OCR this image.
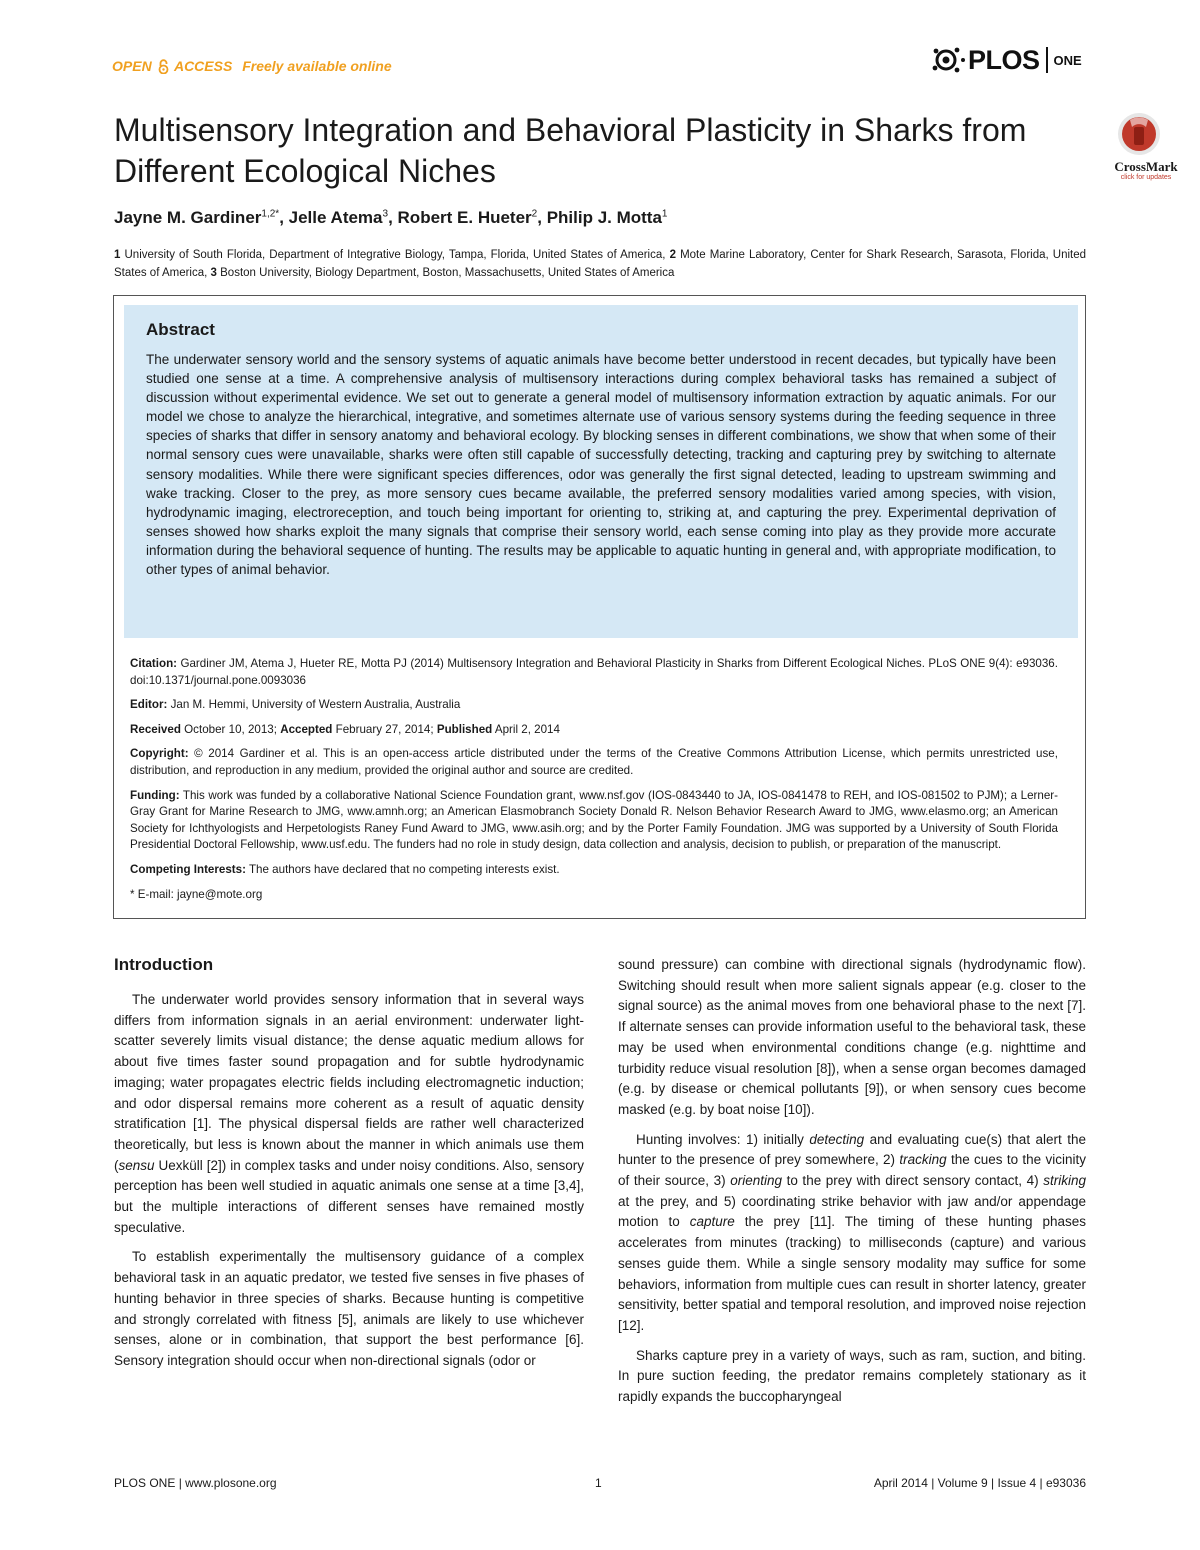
OPEN ACCESS Freely available online	PLOS ONE
CrossMark
click for updates
Multisensory Integration and Behavioral Plasticity in Sharks from Different Ecological Niches
Jayne M. Gardiner$^{1,2*}$, Jelle Atema$^3$, Robert E. Hueter$^2$, Philip J. Motta$^1$
1 University of South Florida, Department of Integrative Biology, Tampa, Florida, United States of America, 2 Mote Marine Laboratory, Center for Shark Research, Sarasota, Florida, United States of America, 3 Boston University, Biology Department, Boston, Massachusetts, United States of America
Abstract
The underwater sensory world and the sensory systems of aquatic animals have become better understood in recent decades, but typically have been studied one sense at a time. A comprehensive analysis of multisensory interactions during complex behavioral tasks has remained a subject of discussion without experimental evidence. We set out to generate a general model of multisensory information extraction by aquatic animals. For our model we chose to analyze the hierarchical, integrative, and sometimes alternate use of various sensory systems during the feeding sequence in three species of sharks that differ in sensory anatomy and behavioral ecology. By blocking senses in different combinations, we show that when some of their normal sensory cues were unavailable, sharks were often still capable of successfully detecting, tracking and capturing prey by switching to alternate sensory modalities. While there were significant species differences, odor was generally the first signal detected, leading to upstream swimming and wake tracking. Closer to the prey, as more sensory cues became available, the preferred sensory modalities varied among species, with vision, hydrodynamic imaging, electroreception, and touch being important for orienting to, striking at, and capturing the prey. Experimental deprivation of senses showed how sharks exploit the many signals that comprise their sensory world, each sense coming into play as they provide more accurate information during the behavioral sequence of hunting. The results may be applicable to aquatic hunting in general and, with appropriate modification, to other types of animal behavior.

Citation: Gardiner JM, Atema J, Hueter RE, Motta PJ (2014) Multisensory Integration and Behavioral Plasticity in Sharks from Different Ecological Niches. PLoS ONE 9(4): e93036. doi:10.1371/journal.pone.0093036

Editor: Jan M. Hemmi, University of Western Australia, Australia

Received October 10, 2013; Accepted February 27, 2014; Published April 2, 2014

Copyright: © 2014 Gardiner et al. This is an open-access article distributed under the terms of the Creative Commons Attribution License, which permits unrestricted use, distribution, and reproduction in any medium, provided the original author and source are credited.

Funding: This work was funded by a collaborative National Science Foundation grant, www.nsf.gov (IOS-0843440 to JA, IOS-0841478 to REH, and IOS-081502 to PJM); a Lerner-Gray Grant for Marine Research to JMG, www.amnh.org; an American Elasmobranch Society Donald R. Nelson Behavior Research Award to JMG, www.elasmo.org; an American Society for Ichthyologists and Herpetologists Raney Fund Award to JMG, www.asih.org; and by the Porter Family Foundation. JMG was supported by a University of South Florida Presidential Doctoral Fellowship, www.usf.edu. The funders had no role in study design, data collection and analysis, decision to publish, or preparation of the manuscript.

Competing Interests: The authors have declared that no competing interests exist.

* E-mail: jayne@mote.org

Introduction

The underwater world provides sensory information that in several ways differs from information signals in an aerial environment: underwater light-scatter severely limits visual distance; the dense aquatic medium allows for about five times faster sound propagation and for subtle hydrodynamic imaging; water propagates electric fields including electromagnetic induction; and odor dispersal remains more coherent as a result of aquatic density stratification [1]. The physical dispersal fields are rather well characterized theoretically, but less is known about the manner in which animals use them (sensu Uexküll [2]) in complex tasks and under noisy conditions. Also, sensory perception has been well studied in aquatic animals one sense at a time [3,4], but the multiple interactions of different senses have remained mostly speculative.

To establish experimentally the multisensory guidance of a complex behavioral task in an aquatic predator, we tested five senses in five phases of hunting behavior in three species of sharks. Because hunting is competitive and strongly correlated with fitness [5], animals are likely to use whichever senses, alone or in combination, that support the best performance [6]. Sensory integration should occur when non-directional signals (odor or

sound pressure) can combine with directional signals (hydrodynamic flow). Switching should result when more salient signals appear (e.g. closer to the signal source) as the animal moves from one behavioral phase to the next [7]. If alternate senses can provide information useful to the behavioral task, these may be used when environmental conditions change (e.g. nighttime and turbidity reduce visual resolution [8]), when a sense organ becomes damaged (e.g. by disease or chemical pollutants [9]), or when sensory cues become masked (e.g. by boat noise [10]).

Hunting involves: 1) initially detecting and evaluating cue(s) that alert the hunter to the presence of prey somewhere, 2) tracking the cues to the vicinity of their source, 3) orienting to the prey with direct sensory contact, 4) striking at the prey, and 5) coordinating strike behavior with jaw and/or appendage motion to capture the prey [11]. The timing of these hunting phases accelerates from minutes (tracking) to milliseconds (capture) and various senses guide them. While a single sensory modality may suffice for some behaviors, information from multiple cues can result in shorter latency, greater sensitivity, better spatial and temporal resolution, and improved noise rejection [12].

Sharks capture prey in a variety of ways, such as ram, suction, and biting. In pure suction feeding, the predator remains completely stationary as it rapidly expands the buccopharyngeal

PLOS ONE | www.plosone.org	1	April 2014 | Volume 9 | Issue 4 | e93036
